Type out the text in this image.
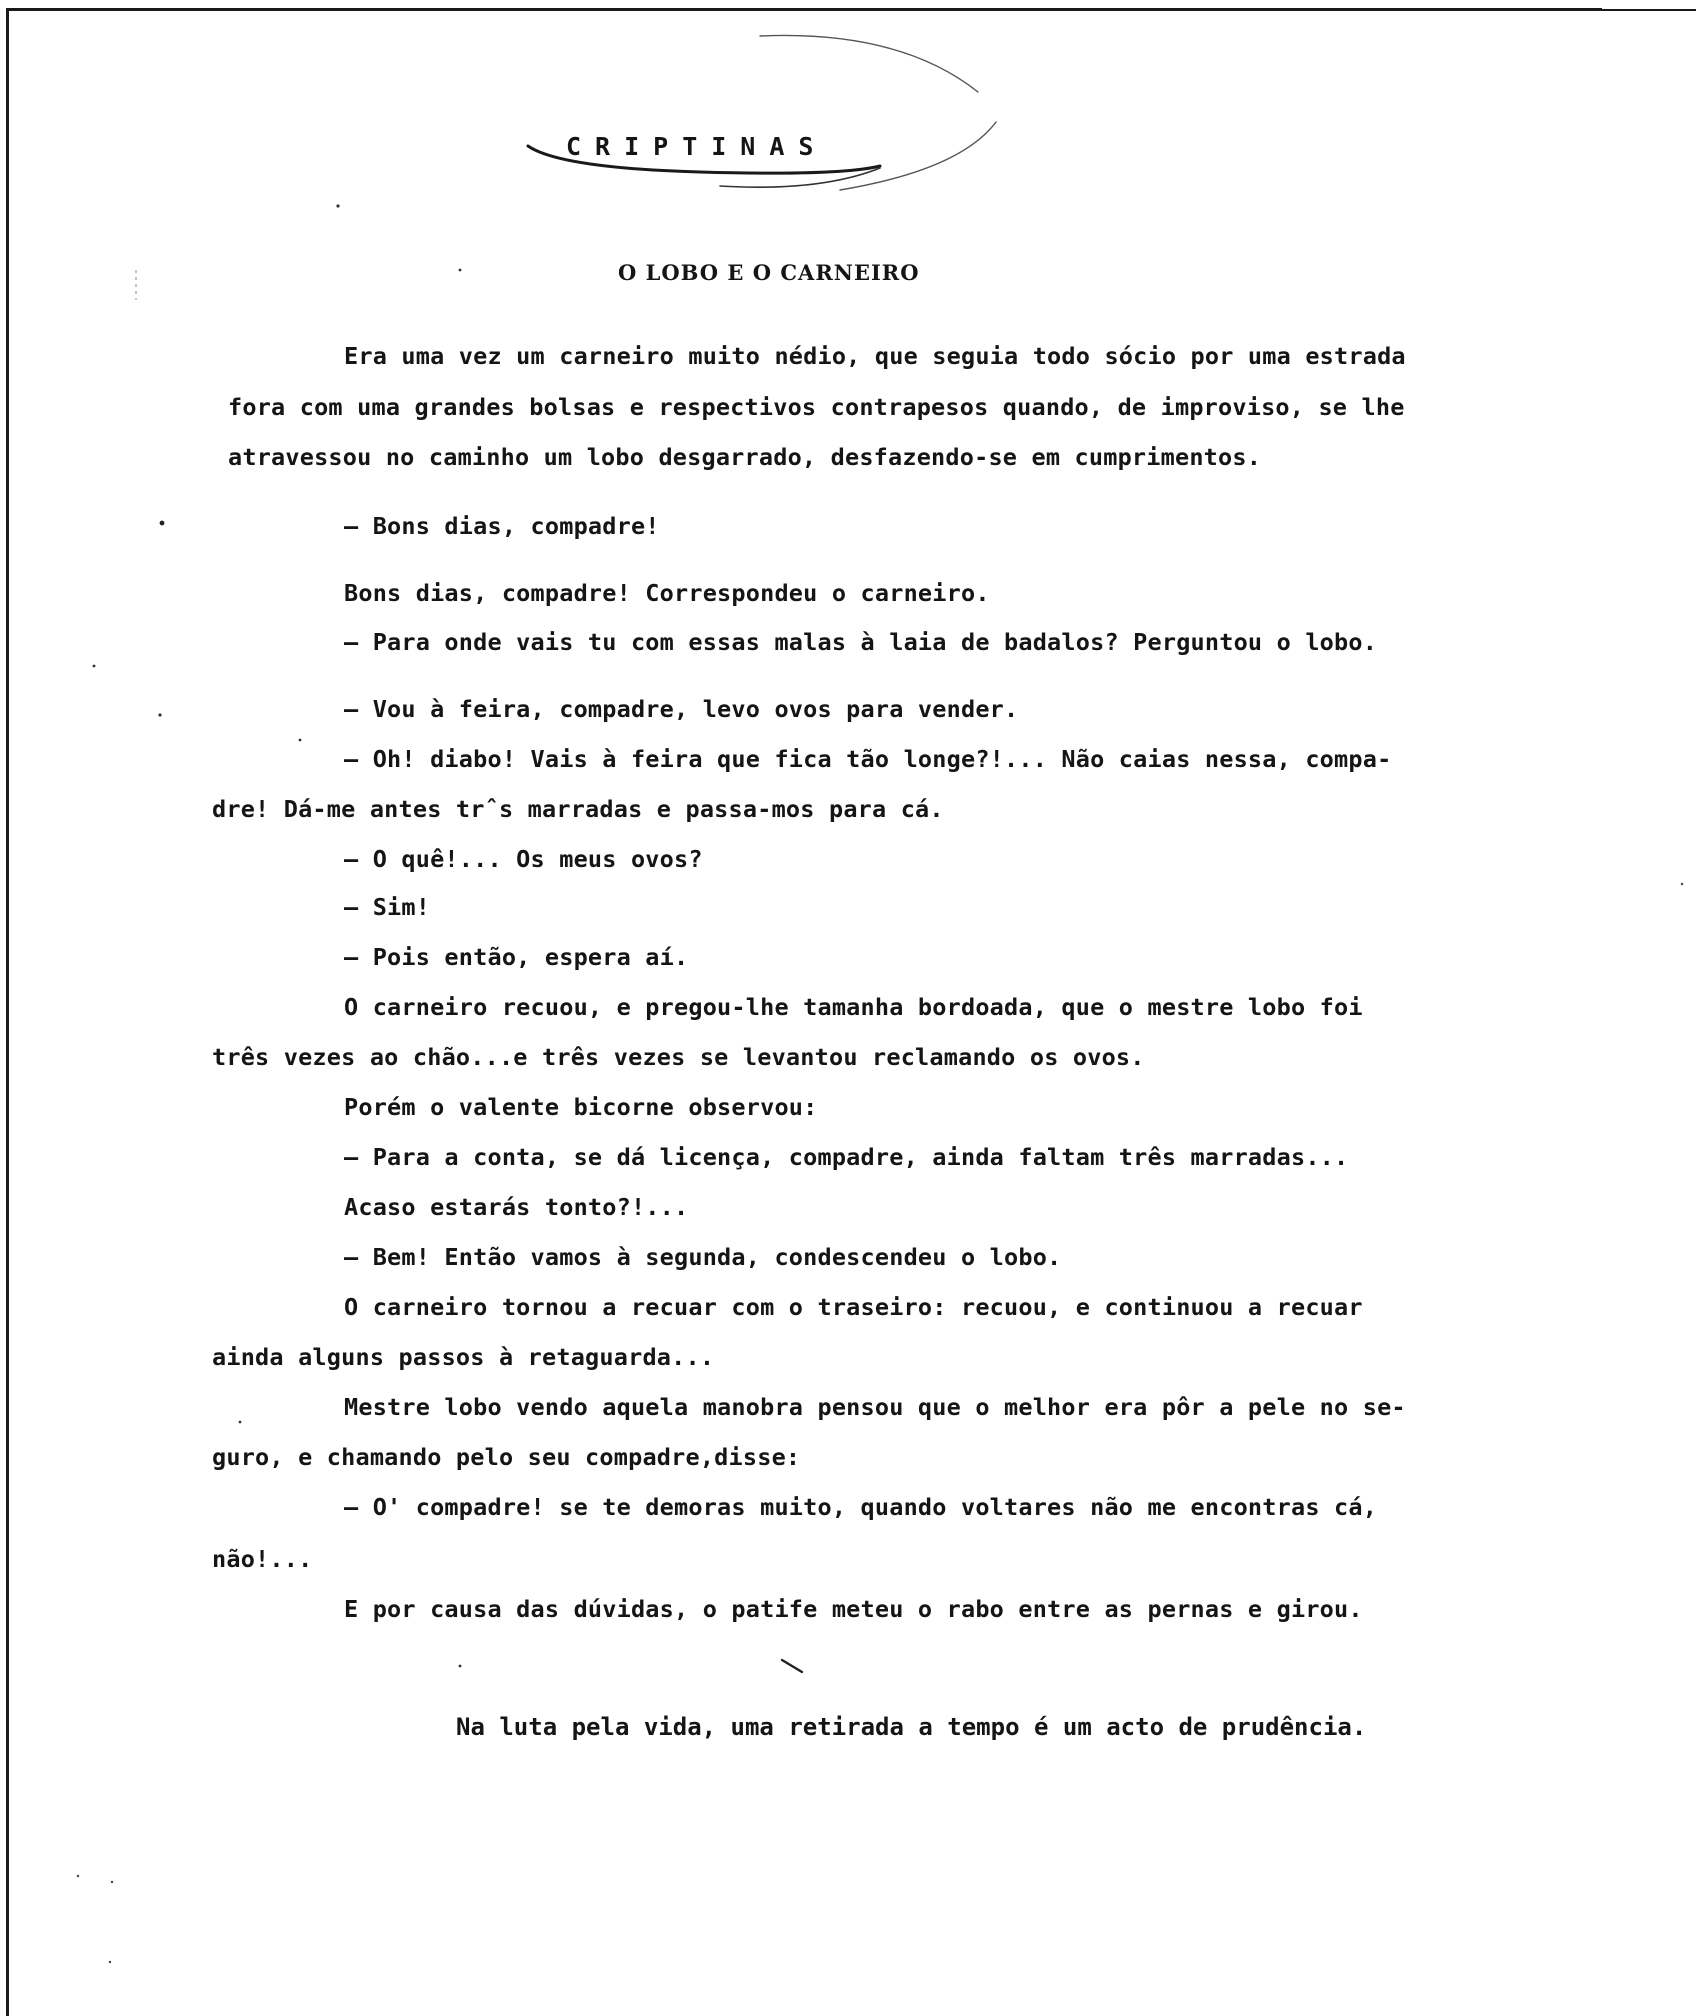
CRIPTINAS
O LOBO E O CARNEIRO
Era uma vez um carneiro muito nédio, que seguia todo sócio por uma estrada
fora com uma grandes bolsas e respectivos contrapesos quando, de improviso, se lhe
atravessou no caminho um lobo desgarrado, desfazendo-se em cumprimentos.
– Bons dias, compadre!
Bons dias, compadre! Correspondeu o carneiro.
– Para onde vais tu com essas malas à laia de badalos? Perguntou o lobo.
– Vou à feira, compadre, levo ovos para vender.
– Oh! diabo! Vais à feira que fica tão longe?!... Não caias nessa, compa-
dre! Dá-me antes trˆs marradas e passa-mos para cá.
– O quê!... Os meus ovos?
– Sim!
– Pois então, espera aí.
O carneiro recuou, e pregou-lhe tamanha bordoada, que o mestre lobo foi
três vezes ao chão...e três vezes se levantou reclamando os ovos.
Porém o valente bicorne observou:
– Para a conta, se dá licença, compadre, ainda faltam três marradas...
Acaso estarás tonto?!...
– Bem! Então vamos à segunda, condescendeu o lobo.
O carneiro tornou a recuar com o traseiro: recuou, e continuou a recuar
ainda alguns passos à retaguarda...
Mestre lobo vendo aquela manobra pensou que o melhor era pôr a pele no se-
guro, e chamando pelo seu compadre,disse:
– O' compadre! se te demoras muito, quando voltares não me encontras cá,
não!...
E por causa das dúvidas, o patife meteu o rabo entre as pernas e girou.
Na luta pela vida, uma retirada a tempo é um acto de prudência.
